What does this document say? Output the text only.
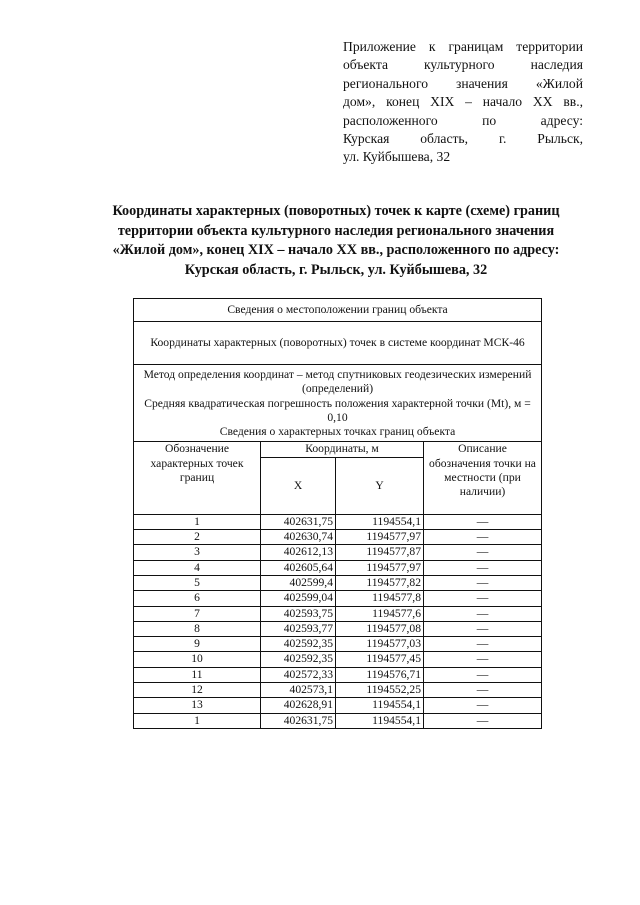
Приложение к границам территории
объекта культурного наследия
регионального значения «Жилой
дом», конец XIX – начало XX вв.,
расположенного по адресу:
Курская область, г. Рыльск,
ул. Куйбышева, 32
Координаты характерных (поворотных) точек к карте (схеме) границ
территории объекта культурного наследия регионального значения
«Жилой дом», конец XIX – начало XX вв., расположенного по адресу:
Курская область, г. Рыльск, ул. Куйбышева, 32
Сведения о местоположении границ объекта			
Координаты характерных (поворотных) точек в системе координат МСК-46			

Метод определения координат – метод спутниковых геодезических измерений (определений)
Средняя квадратическая погрешность положения характерной точки (Mt), м = 0,10
Сведения о характерных точках границ объекта			

Обозначение характерных точек границ	Координаты, м		Описание обозначения точки на местности (при наличии)
	X	Y	
1	402631,75	1194554,1	—
2	402630,74	1194577,97	—
3	402612,13	1194577,87	—
4	402605,64	1194577,97	—
5	402599,4	1194577,82	—
6	402599,04	1194577,8	—
7	402593,75	1194577,6	—
8	402593,77	1194577,08	—
9	402592,35	1194577,03	—
10	402592,35	1194577,45	—
11	402572,33	1194576,71	—
12	402573,1	1194552,25	—
13	402628,91	1194554,1	—
1	402631,75	1194554,1	—
